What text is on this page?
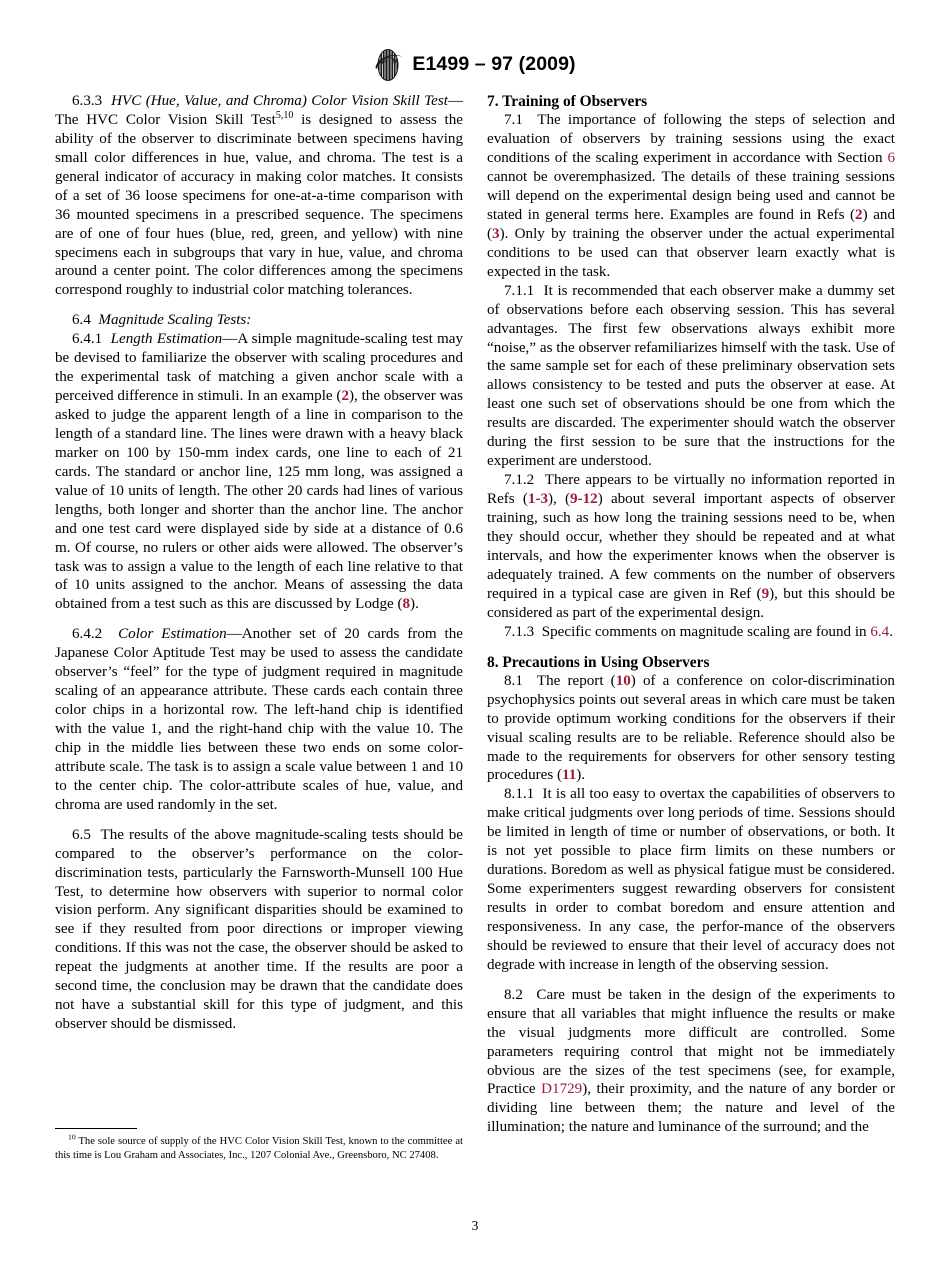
A S T M E1499 – 97 (2009)

6.3.3 HVC (Hue, Value, and Chroma) Color Vision Skill Test—The HVC Color Vision Skill Test$^{5,10}$ is designed to assess the ability of the observer to discriminate between specimens having small color differences in hue, value, and chroma. The test is a general indicator of accuracy in making color matches. It consists of a set of 36 loose specimens for one-at-a-time comparison with 36 mounted specimens in a prescribed sequence. The specimens are of one of four hues (blue, red, green, and yellow) with nine specimens each in subgroups that vary in hue, value, and chroma around a center point. The color differences among the specimens correspond roughly to industrial color matching tolerances.

6.4 Magnitude Scaling Tests:

6.4.1 Length Estimation—A simple magnitude-scaling test may be devised to familiarize the observer with scaling procedures and the experimental task of matching a given anchor scale with a perceived difference in stimuli. In an example (2), the observer was asked to judge the apparent length of a line in comparison to the length of a standard line. The lines were drawn with a heavy black marker on 100 by 150-mm index cards, one line to each of 21 cards. The standard or anchor line, 125 mm long, was assigned a value of 10 units of length. The other 20 cards had lines of various lengths, both longer and shorter than the anchor line. The anchor and one test card were displayed side by side at a distance of 0.6 m. Of course, no rulers or other aids were allowed. The observer’s task was to assign a value to the length of each line relative to that of 10 units assigned to the anchor. Means of assessing the data obtained from a test such as this are discussed by Lodge (8).

6.4.2 Color Estimation—Another set of 20 cards from the Japanese Color Aptitude Test may be used to assess the candidate observer’s “feel” for the type of judgment required in magnitude scaling of an appearance attribute. These cards each contain three color chips in a horizontal row. The left-hand chip is identified with the value 1, and the right-hand chip with the value 10. The chip in the middle lies between these two ends on some color-attribute scale. The task is to assign a scale value between 1 and 10 to the center chip. The color-attribute scales of hue, value, and chroma are used randomly in the set.

6.5 The results of the above magnitude-scaling tests should be compared to the observer’s performance on the color-discrimination tests, particularly the Farnsworth-Munsell 100 Hue Test, to determine how observers with superior to normal color vision perform. Any significant disparities should be examined to see if they resulted from poor directions or improper viewing conditions. If this was not the case, the observer should be asked to repeat the judgments at another time. If the results are poor a second time, the conclusion may be drawn that the candidate does not have a substantial skill for this type of judgment, and this observer should be dismissed.

7. Training of Observers

7.1 The importance of following the steps of selection and evaluation of observers by training sessions using the exact conditions of the scaling experiment in accordance with Section 6 cannot be overemphasized. The details of these training sessions will depend on the experimental design being used and cannot be stated in general terms here. Examples are found in Refs (2) and (3). Only by training the observer under the actual experimental conditions to be used can that observer learn exactly what is expected in the task.

7.1.1 It is recommended that each observer make a dummy set of observations before each observing session. This has several advantages. The first few observations always exhibit more “noise,” as the observer refamiliarizes himself with the task. Use of the same sample set for each of these preliminary observation sets allows consistency to be tested and puts the observer at ease. At least one such set of observations should be one from which the results are discarded. The experimenter should watch the observer during the first session to be sure that the instructions for the experiment are understood.

7.1.2 There appears to be virtually no information reported in Refs (1-3), (9-12) about several important aspects of observer training, such as how long the training sessions need to be, when they should occur, whether they should be repeated and at what intervals, and how the experimenter knows when the observer is adequately trained. A few comments on the number of observers required in a typical case are given in Ref (9), but this should be considered as part of the experimental design.

7.1.3 Specific comments on magnitude scaling are found in 6.4.

8. Precautions in Using Observers

8.1 The report (10) of a conference on color-discrimination psychophysics points out several areas in which care must be taken to provide optimum working conditions for the observers if their visual scaling results are to be reliable. Reference should also be made to the requirements for observers for other sensory testing procedures (11).

8.1.1 It is all too easy to overtax the capabilities of observers to make critical judgments over long periods of time. Sessions should be limited in length of time or number of observations, or both. It is not yet possible to place firm limits on these numbers or durations. Boredom as well as physical fatigue must be considered. Some experimenters suggest rewarding observers for consistent results in order to combat boredom and ensure attention and responsiveness. In any case, the perfor-mance of the observers should be reviewed to ensure that their level of accuracy does not degrade with increase in length of the observing session.

8.2 Care must be taken in the design of the experiments to ensure that all variables that might influence the results or make the visual judgments more difficult are controlled. Some parameters requiring control that might not be immediately obvious are the sizes of the test specimens (see, for example, Practice D1729), their proximity, and the nature of any border or dividing line between them; the nature and level of the illumination; the nature and luminance of the surround; and the

$^{10}$ The sole source of supply of the HVC Color Vision Skill Test, known to the committee at this time is Lou Graham and Associates, Inc., 1207 Colonial Ave., Greensboro, NC 27408.

3
